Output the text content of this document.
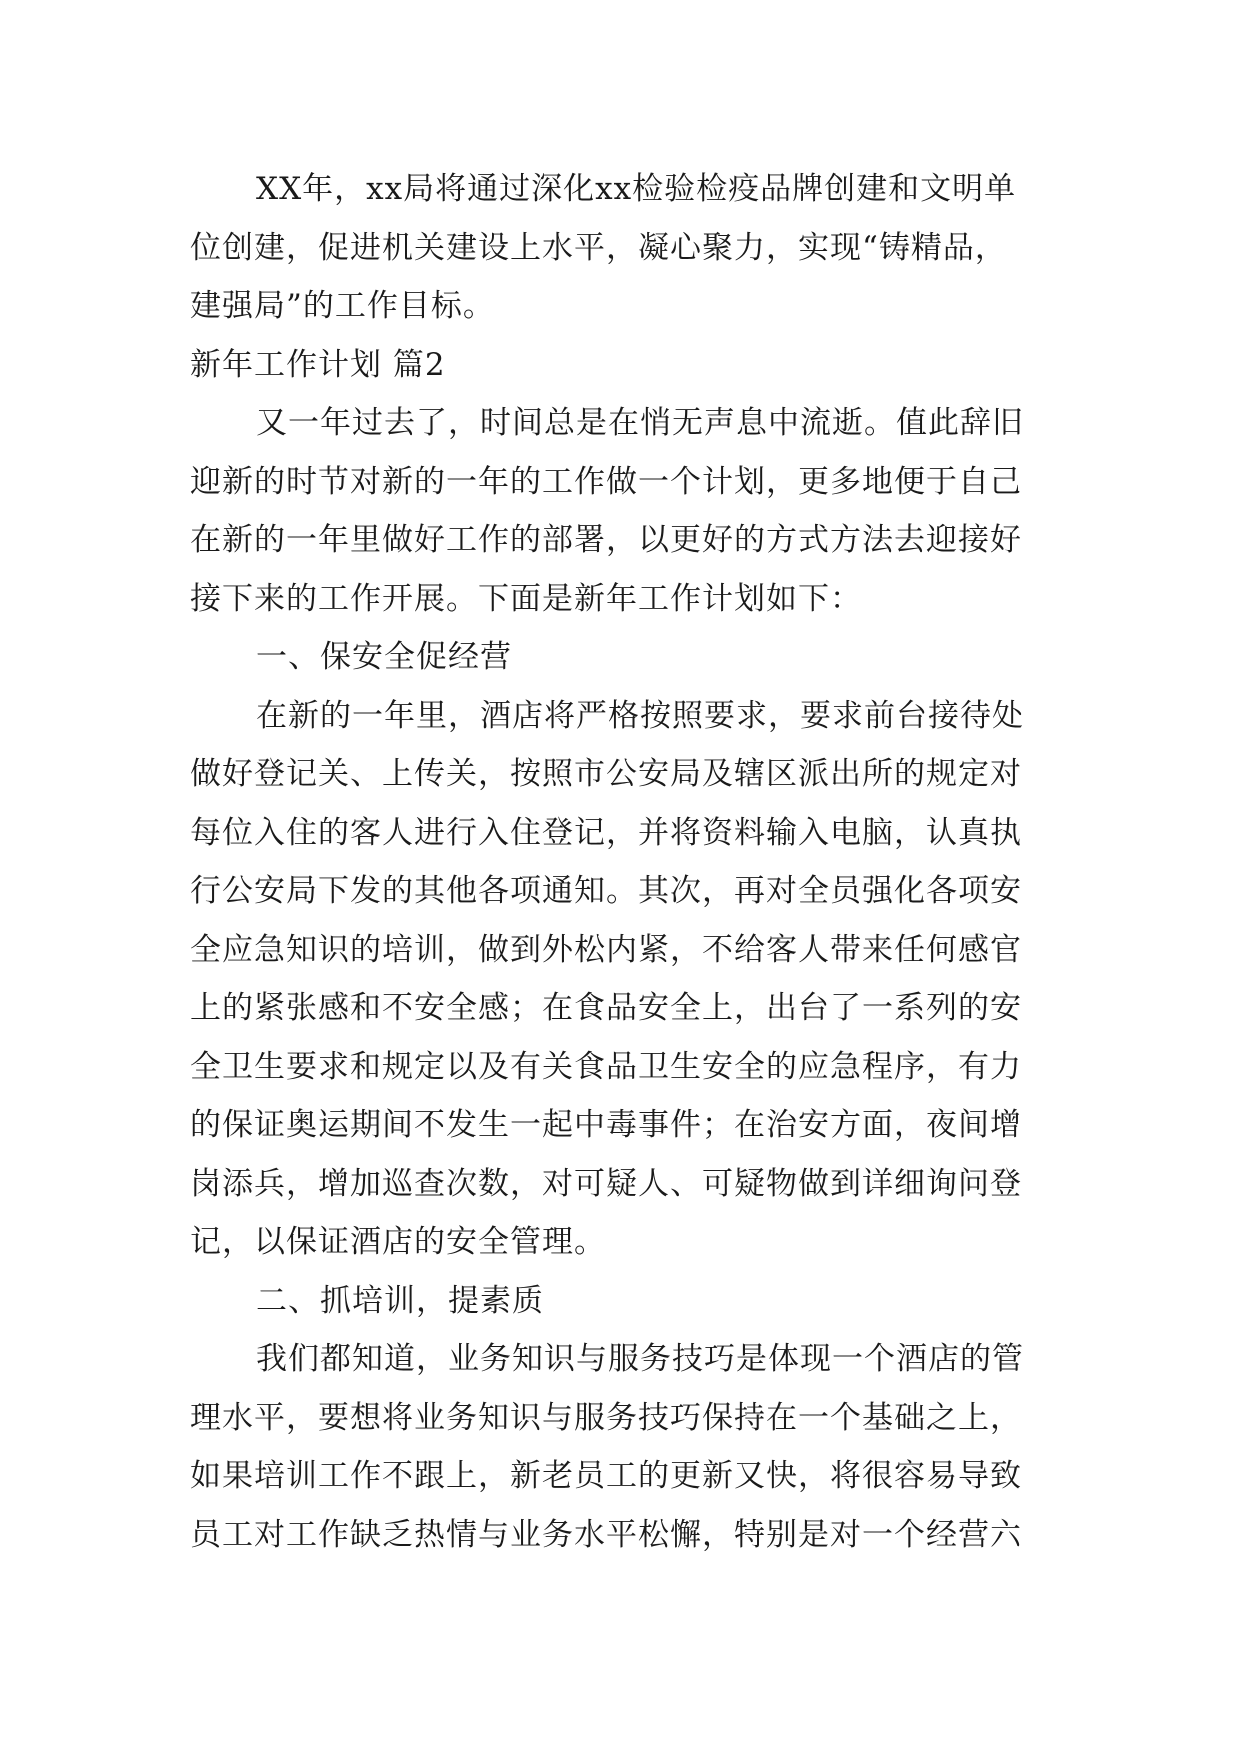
XX年，xx局将通过深化xx检验检疫品牌创建和文明单
位创建，促进机关建设上水平，凝心聚力，实现“铸精品，
建强局”的工作目标。
新年工作计划 篇2
又一年过去了，时间总是在悄无声息中流逝。值此辞旧
迎新的时节对新的一年的工作做一个计划，更多地便于自己
在新的一年里做好工作的部署，以更好的方式方法去迎接好
接下来的工作开展。下面是新年工作计划如下：
一、保安全促经营
在新的一年里，酒店将严格按照要求，要求前台接待处
做好登记关、上传关，按照市公安局及辖区派出所的规定对
每位入住的客人进行入住登记，并将资料输入电脑，认真执
行公安局下发的其他各项通知。其次，再对全员强化各项安
全应急知识的培训，做到外松内紧，不给客人带来任何感官
上的紧张感和不安全感；在食品安全上，出台了一系列的安
全卫生要求和规定以及有关食品卫生安全的应急程序，有力
的保证奥运期间不发生一起中毒事件；在治安方面，夜间增
岗添兵，增加巡查次数，对可疑人、可疑物做到详细询问登
记，以保证酒店的安全管理。
二、抓培训，提素质
我们都知道，业务知识与服务技巧是体现一个酒店的管
理水平，要想将业务知识与服务技巧保持在一个基础之上，
如果培训工作不跟上，新老员工的更新又快，将很容易导致
员工对工作缺乏热情与业务水平松懈，特别是对一个经营六
